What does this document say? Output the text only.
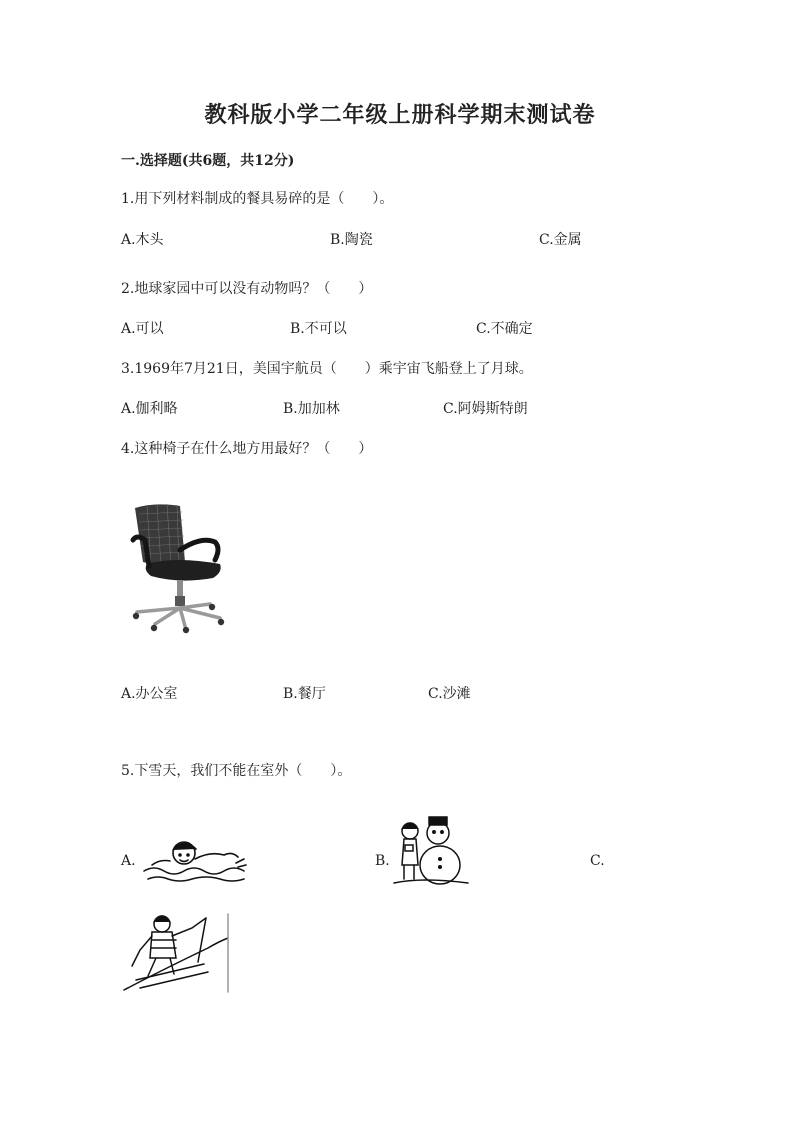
教科版小学二年级上册科学期末测试卷
一.选择题(共6题，共12分)
1.用下列材料制成的餐具易碎的是（　　）。
A.木头	B.陶瓷	C.金属
2.地球家园中可以没有动物吗？（　　）
A.可以	B.不可以	C.不确定
3.1969年7月21日，美国宇航员（　　）乘宇宙飞船登上了月球。
A.伽利略	B.加加林	C.阿姆斯特朗
4.这种椅子在什么地方用最好？（　　）
A.办公室	B.餐厅	C.沙滩
5.下雪天，我们不能在室外（　　）。
A.	B.	C.
